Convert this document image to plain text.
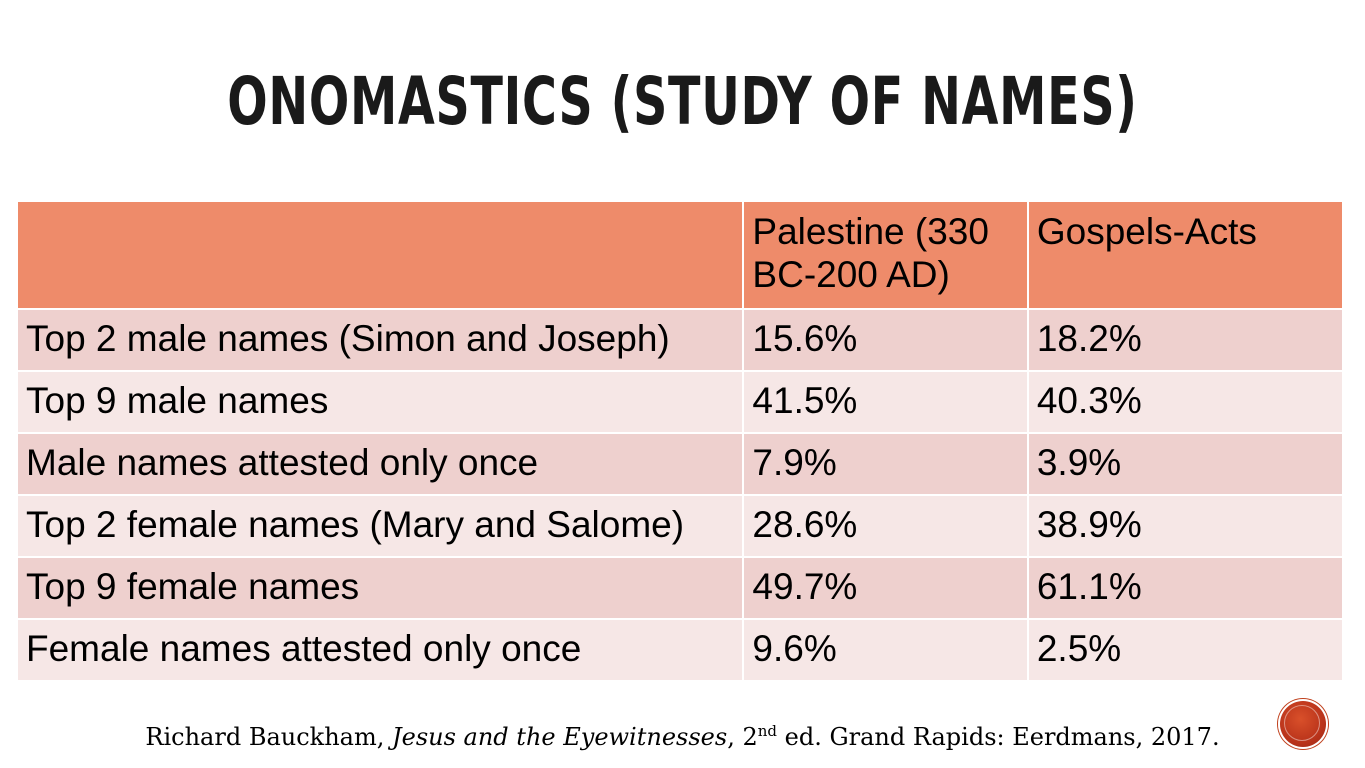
ONOMASTICS (STUDY OF NAMES)
	Palestine (330 BC-200 AD)	Gospels-Acts
Top 2 male names (Simon and Joseph)	15.6%	18.2%
Top 9 male names	41.5%	40.3%
Male names attested only once	7.9%	3.9%
Top 2 female names (Mary and Salome)	28.6%	38.9%
Top 9 female names	49.7%	61.1%
Female names attested only once	9.6%	2.5%
Richard Bauckham, Jesus and the Eyewitnesses, 2nd ed. Grand Rapids: Eerdmans, 2017.
